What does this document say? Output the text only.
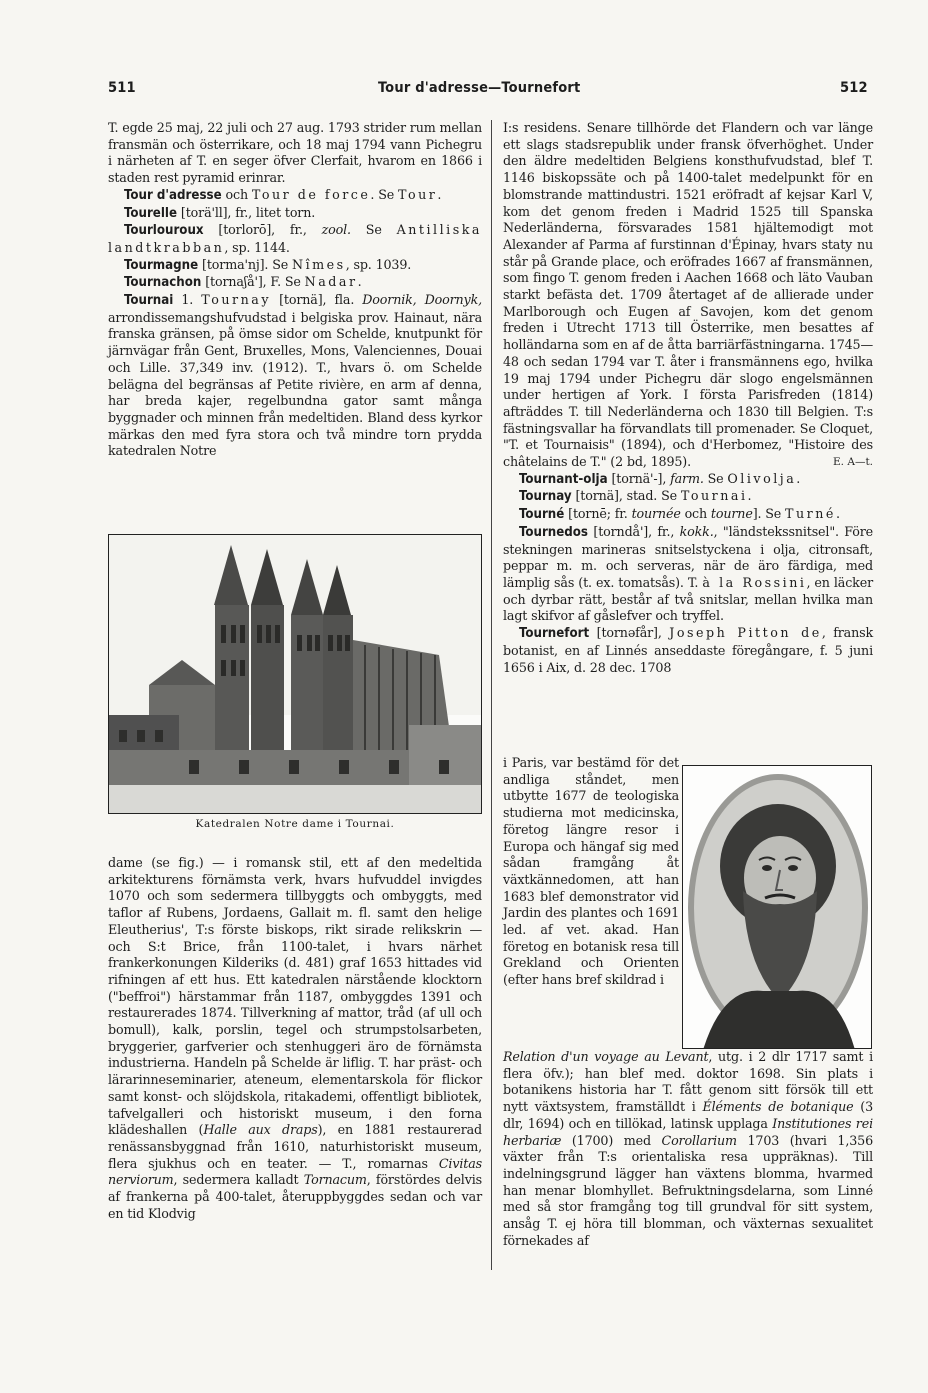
511	Tour d'adresse—Tournefort	512

T. egde 25 maj, 22 juli och 27 aug. 1793 strider rum mellan fransmän och österrikare, och 18 maj 1794 vann Pichegru i närheten af T. en seger öfver Clerfait, hvarom en 1866 i staden rest pyramid erinrar.

Tour d'adresse och Tour de force. Se Tour.

Tourelle [torä'll], fr., litet torn.

Tourlouroux [torlorō], fr., zool. Se Antilliska landtkrabban, sp. 1144.

Tourmagne [torma'nj]. Se Nîmes, sp. 1039.

Tournachon [tornaʃå'], F. Se Nadar.

Tournai 1. Tournay [tornä], fla. Doornik, Doornyk, arrondissemangshufvudstad i belgiska prov. Hainaut, nära franska gränsen, på ömse sidor om Schelde, knutpunkt för järnvägar från Gent, Bruxelles, Mons, Valenciennes, Douai och Lille. 37,349 inv. (1912). T., hvars ö. om Schelde belägna del begränsas af Petite rivière, en arm af denna, har breda kajer, regelbundna gator samt många byggnader och minnen från medeltiden. Bland dess kyrkor märkas den med fyra stora och två mindre torn prydda katedralen Notre

Katedralen Notre dame i Tournai.

dame (se fig.) — i romansk stil, ett af den medeltida arkitekturens förnämsta verk, hvars hufvuddel invigdes 1070 och som sedermera tillbyggts och ombyggts, med taflor af Rubens, Jordaens, Gallait m. fl. samt den helige Eleutherius', T:s förste biskops, rikt sirade relikskrin — och S:t Brice, från 1100-talet, i hvars närhet frankerkonungen Kilderiks (d. 481) graf 1653 hittades vid rifningen af ett hus. Ett katedralen närstående klocktorn ("beffroi") härstammar från 1187, ombyggdes 1391 och restaurerades 1874. Tillverkning af mattor, tråd (af ull och bomull), kalk, porslin, tegel och strumpstolsarbeten, bryggerier, garfverier och stenhuggeri äro de förnämsta industrierna. Handeln på Schelde är liflig. T. har präst- och lärarinneseminarier, ateneum, elementarskola för flickor samt konst- och slöjdskola, ritakademi, offentligt bibliotek, tafvelgalleri och historiskt museum, i den forna klädeshallen (Halle aux draps), en 1881 restaurerad renässansbyggnad från 1610, naturhistoriskt museum, flera sjukhus och en teater. — T., romarnas Civitas nerviorum, sedermera kalladt Tornacum, förstördes delvis af frankerna på 400-talet, återuppbyggdes sedan och var en tid Klodvig

I:s residens. Senare tillhörde det Flandern och var länge ett slags stadsrepublik under fransk öfverhöghet. Under den äldre medeltiden Belgiens konsthufvudstad, blef T. 1146 biskopssäte och på 1400-talet medelpunkt för en blomstrande mattindustri. 1521 eröfradt af kejsar Karl V, kom det genom freden i Madrid 1525 till Spanska Nederländerna, försvarades 1581 hjältemodigt mot Alexander af Parma af furstinnan d'Épinay, hvars staty nu står på Grande place, och eröfrades 1667 af fransmännen, som fingo T. genom freden i Aachen 1668 och läto Vauban starkt befästa det. 1709 återtaget af de allierade under Marlborough och Eugen af Savojen, kom det genom freden i Utrecht 1713 till Österrike, men besattes af holländarna som en af de åtta barriärfästningarna. 1745—48 och sedan 1794 var T. åter i fransmännens ego, hvilka 19 maj 1794 under Pichegru där slogo engelsmännen under hertigen af York. I första Parisfreden (1814) afträddes T. till Nederländerna och 1830 till Belgien. T:s fästningsvallar ha förvandlats till promenader. Se Cloquet, "T. et Tournaisis" (1894), och d'Herbomez, "Histoire des châtelains de T." (2 bd, 1895).	E. A—t.

Tournant-olja [tornä'-], farm. Se Olivolja.

Tournay [tornä], stad. Se Tournai.

Tourné [tornē; fr. tournée och tourne]. Se Turné.

Tournedos [torndå'], fr., kokk., "ländstekssnitsel". Före stekningen marineras snitselstyckena i olja, citronsaft, peppar m. m. och serveras, när de äro färdiga, med lämplig sås (t. ex. tomatsås). T. à la Rossini, en läcker och dyrbar rätt, består af två snitslar, mellan hvilka man lagt skifvor af gåslefver och tryffel.

Tournefort [tornəfår], Joseph Pitton de, fransk botanist, en af Linnés anseddaste föregångare, f. 5 juni 1656 i Aix, d. 28 dec. 1708

i Paris, var bestämd för det andliga ståndet, men utbytte 1677 de teologiska studierna mot medicinska, företog längre resor i Europa och hängaf sig med sådan framgång åt växtkännedomen, att han 1683 blef demonstrator vid Jardin des plantes och 1691 led. af vet. akad. Han företog en botanisk resa till Grekland och Orienten (efter hans bref skildrad i

Relation d'un voyage au Levant, utg. i 2 dlr 1717 samt i flera öfv.); han blef med. doktor 1698. Sin plats i botanikens historia har T. fått genom sitt försök till ett nytt växtsystem, framställdt i Éléments de botanique (3 dlr, 1694) och en tillökad, latinsk upplaga Institutiones rei herbariæ (1700) med Corollarium 1703 (hvari 1,356 växter från T:s orientaliska resa uppräknas). Till indelningsgrund lägger han växtens blomma, hvarmed han menar blomhyllet. Befruktningsdelarna, som Linné med så stor framgång tog till grundval för sitt system, ansåg T. ej höra till blomman, och växternas sexualitet förnekades af
